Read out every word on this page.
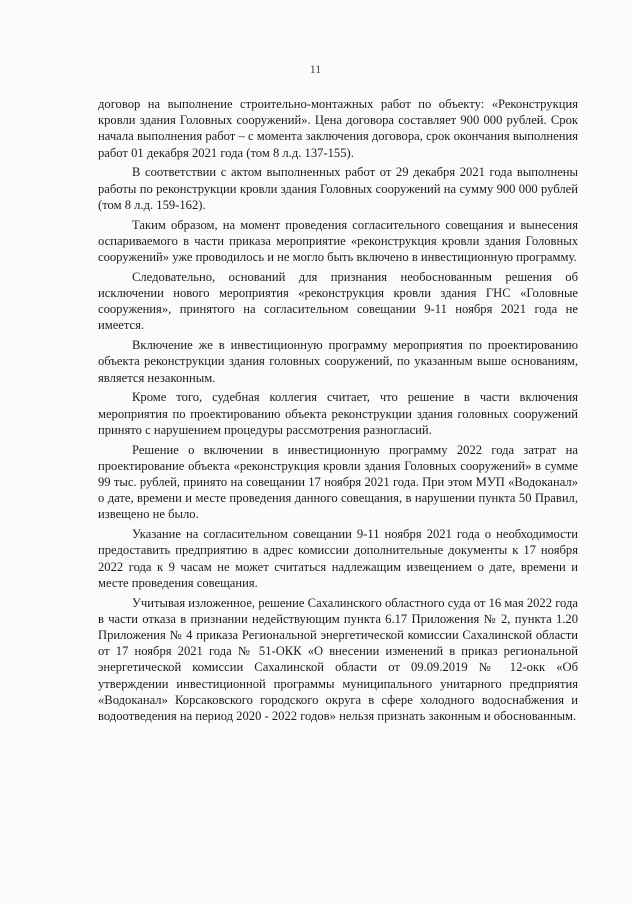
11

договор на выполнение строительно-монтажных работ по объекту: «Реконструкция кровли здания Головных сооружений». Цена договора составляет 900 000 рублей. Срок начала выполнения работ – с момента заключения договора, срок окончания выполнения работ 01 декабря 2021 года (том 8 л.д. 137-155).

В соответствии с актом выполненных работ от 29 декабря 2021 года выполнены работы по реконструкции кровли здания Головных сооружений на сумму 900 000 рублей (том 8 л.д. 159-162).

Таким образом, на момент проведения согласительного совещания и вынесения оспариваемого в части приказа мероприятие «реконструкция кровли здания Головных сооружений» уже проводилось и не могло быть включено в инвестиционную программу.

Следовательно, оснований для признания необоснованным решения об исключении нового мероприятия «реконструкция кровли здания ГНС «Головные сооружения», принятого на согласительном совещании 9-11 ноября 2021 года не имеется.

Включение же в инвестиционную программу мероприятия по проектированию объекта реконструкции здания головных сооружений, по указанным выше основаниям, является незаконным.

Кроме того, судебная коллегия считает, что решение в части включения мероприятия по проектированию объекта реконструкции здания головных сооружений принято с нарушением процедуры рассмотрения разногласий.

Решение о включении в инвестиционную программу 2022 года затрат на проектирование объекта «реконструкция кровли здания Головных сооружений» в сумме 99 тыс. рублей, принято на совещании 17 ноября 2021 года. При этом МУП «Водоканал» о дате, времени и месте проведения данного совещания, в нарушении пункта 50 Правил, извещено не было.

Указание на согласительном совещании 9-11 ноября 2021 года о необходимости предоставить предприятию в адрес комиссии дополнительные документы к 17 ноября 2022 года к 9 часам не может считаться надлежащим извещением о дате, времени и месте проведения совещания.

Учитывая изложенное, решение Сахалинского областного суда от 16 мая 2022 года в части отказа в признании недействующим пункта 6.17 Приложения № 2, пункта 1.20 Приложения № 4 приказа Региональной энергетической комиссии Сахалинской области от 17 ноября 2021 года № 51-ОКК «О внесении изменений в приказ региональной энергетической комиссии Сахалинской области от 09.09.2019 № 12-окк «Об утверждении инвестиционной программы муниципального унитарного предприятия «Водоканал» Корсаковского городского округа в сфере холодного водоснабжения и водоотведения на период 2020 - 2022 годов» нельзя признать законным и обоснованным.
